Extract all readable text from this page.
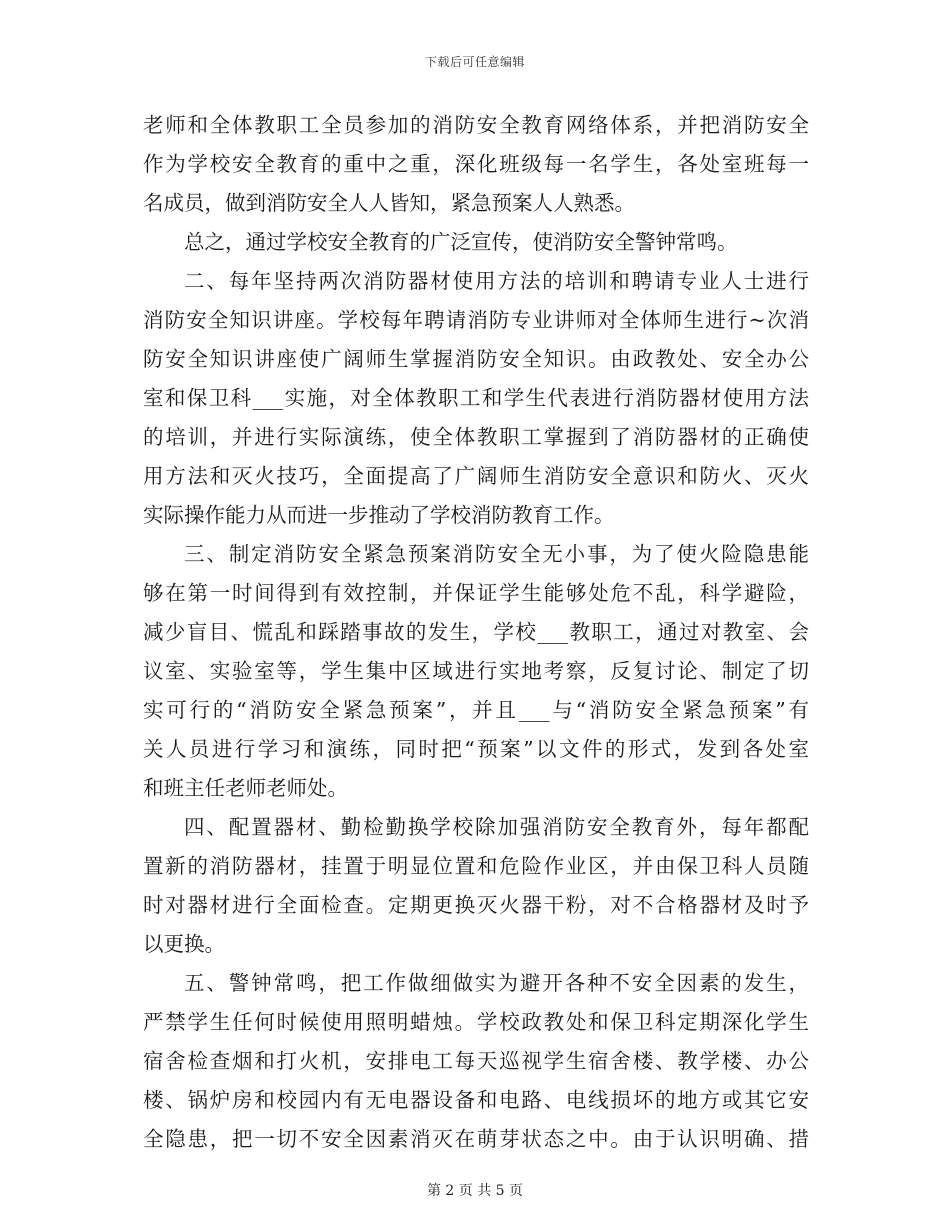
下载后可任意编辑
老师和全体教职工全员参加的消防安全教育网络体系，并把消防安全
作为学校安全教育的重中之重，深化班级每一名学生，各处室班每一
名成员，做到消防安全人人皆知，紧急预案人人熟悉。
总之，通过学校安全教育的广泛宣传，使消防安全警钟常鸣。
二、每年坚持两次消防器材使用方法的培训和聘请专业人士进行
消防安全知识讲座。学校每年聘请消防专业讲师对全体师生进行~次消
防安全知识讲座使广阔师生掌握消防安全知识。由政教处、安全办公
室和保卫科___实施，对全体教职工和学生代表进行消防器材使用方法
的培训，并进行实际演练，使全体教职工掌握到了消防器材的正确使
用方法和灭火技巧，全面提高了广阔师生消防安全意识和防火、灭火
实际操作能力从而进一步推动了学校消防教育工作。
三、制定消防安全紧急预案消防安全无小事，为了使火险隐患能
够在第一时间得到有效控制，并保证学生能够处危不乱，科学避险，
减少盲目、慌乱和踩踏事故的发生，学校___教职工，通过对教室、会
议室、实验室等，学生集中区域进行实地考察，反复讨论、制定了切
实可行的“消防安全紧急预案”，并且___与“消防安全紧急预案”有
关人员进行学习和演练，同时把“预案”以文件的形式，发到各处室
和班主任老师老师处。
四、配置器材、勤检勤换学校除加强消防安全教育外，每年都配
置新的消防器材，挂置于明显位置和危险作业区，并由保卫科人员随
时对器材进行全面检查。定期更换灭火器干粉，对不合格器材及时予
以更换。
五、警钟常鸣，把工作做细做实为避开各种不安全因素的发生，
严禁学生任何时候使用照明蜡烛。学校政教处和保卫科定期深化学生
宿舍检查烟和打火机，安排电工每天巡视学生宿舍楼、教学楼、办公
楼、锅炉房和校园内有无电器设备和电路、电线损坏的地方或其它安
全隐患，把一切不安全因素消灭在萌芽状态之中。由于认识明确、措
第 2 页 共 5 页
